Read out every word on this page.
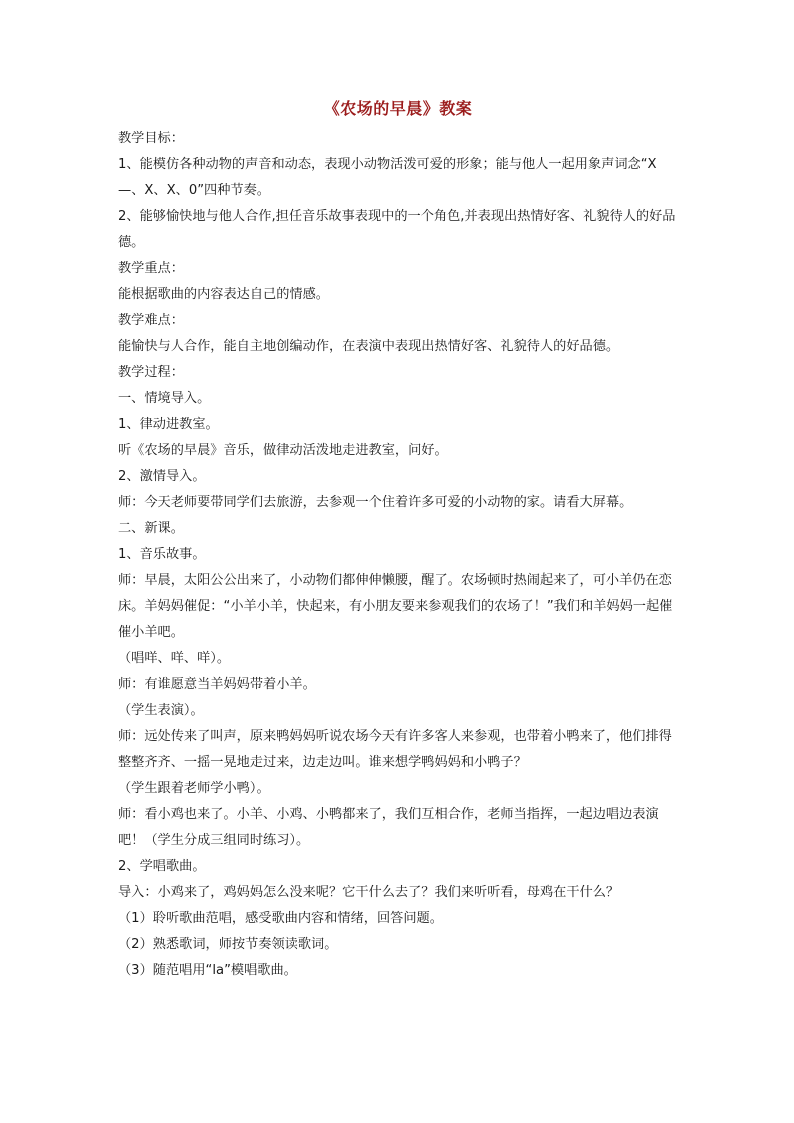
《农场的早晨》教案

教学目标：

1、能模仿各种动物的声音和动态，表现小动物活泼可爱的形象；能与他人一起用象声词念“X—、X、X、0”四种节奏。

2、能够愉快地与他人合作,担任音乐故事表现中的一个角色,并表现出热情好客、礼貌待人的好品德。

教学重点：

能根据歌曲的内容表达自己的情感。

教学难点：

能愉快与人合作，能自主地创编动作，在表演中表现出热情好客、礼貌待人的好品德。

教学过程：

一、情境导入。

1、律动进教室。

听《农场的早晨》音乐，做律动活泼地走进教室，问好。

2、激情导入。

师：今天老师要带同学们去旅游，去参观一个住着许多可爱的小动物的家。请看大屏幕。

二、新课。

1、音乐故事。

师：早晨，太阳公公出来了，小动物们都伸伸懒腰，醒了。农场顿时热闹起来了，可小羊仍在恋床。羊妈妈催促：“小羊小羊，快起来，有小朋友要来参观我们的农场了！”我们和羊妈妈一起催催小羊吧。

（唱咩、咩、咩）。

师：有谁愿意当羊妈妈带着小羊。

（学生表演）。

师：远处传来了叫声，原来鸭妈妈听说农场今天有许多客人来参观，也带着小鸭来了，他们排得整整齐齐、一摇一晃地走过来，边走边叫。谁来想学鸭妈妈和小鸭子？

（学生跟着老师学小鸭）。

师：看小鸡也来了。小羊、小鸡、小鸭都来了，我们互相合作，老师当指挥，一起边唱边表演吧！（学生分成三组同时练习）。

2、学唱歌曲。

导入：小鸡来了，鸡妈妈怎么没来呢？它干什么去了？我们来听听看，母鸡在干什么？

（1）聆听歌曲范唱，感受歌曲内容和情绪，回答问题。

（2）熟悉歌词，师按节奏领读歌词。

（3）随范唱用“la”模唱歌曲。
